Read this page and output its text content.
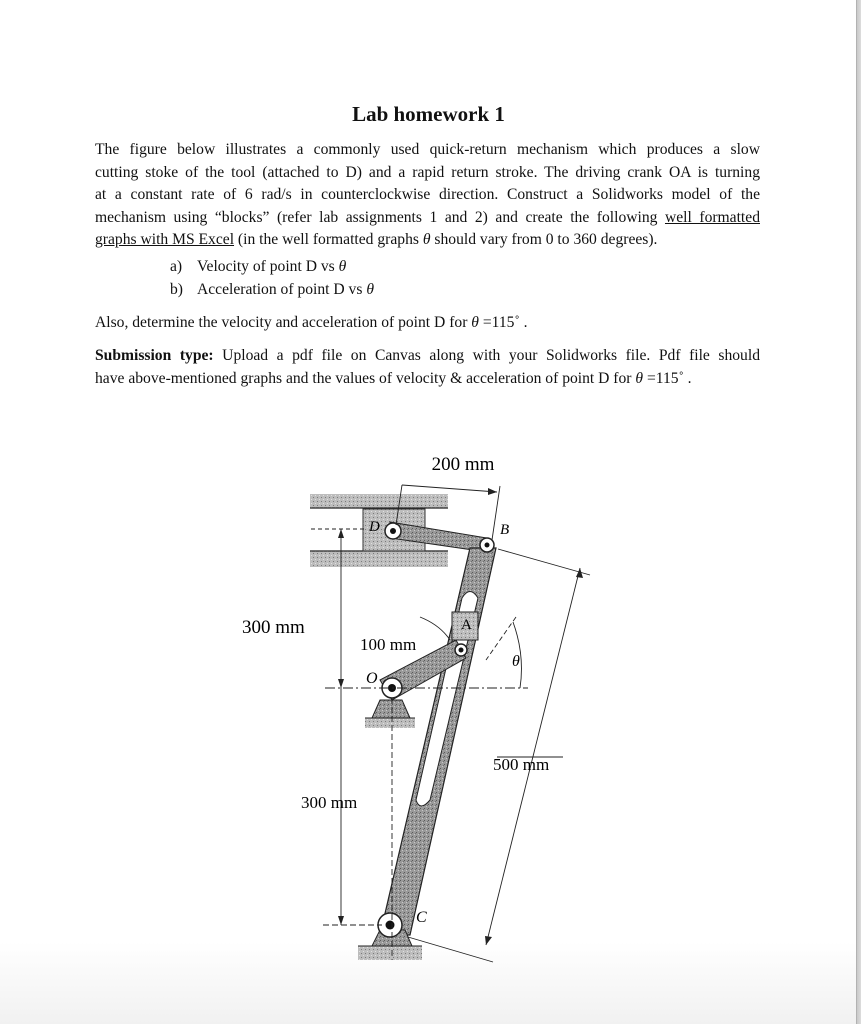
Lab homework 1
The figure below illustrates a commonly used quick-return mechanism which produces a slow
cutting stoke of the tool (attached to D) and a rapid return stroke. The driving crank OA is turning
at a constant rate of 6 rad/s in counterclockwise direction. Construct a Solidworks model of the
mechanism using “blocks” (refer lab assignments 1 and 2) and create the following well formatted
graphs with MS Excel (in the well formatted graphs θ should vary from 0 to 360 degrees).
a) Velocity of point D vs θ
b) Acceleration of point D vs θ
Also, determine the velocity and acceleration of point D for θ =115˚ .
Submission type: Upload a pdf file on Canvas along with your Solidworks file. Pdf file should
have above-mentioned graphs and the values of velocity & acceleration of point D for θ =115˚ .
200 mm
300 mm
100 mm
300 mm
500 mm
D	B
A
O
C
θ
